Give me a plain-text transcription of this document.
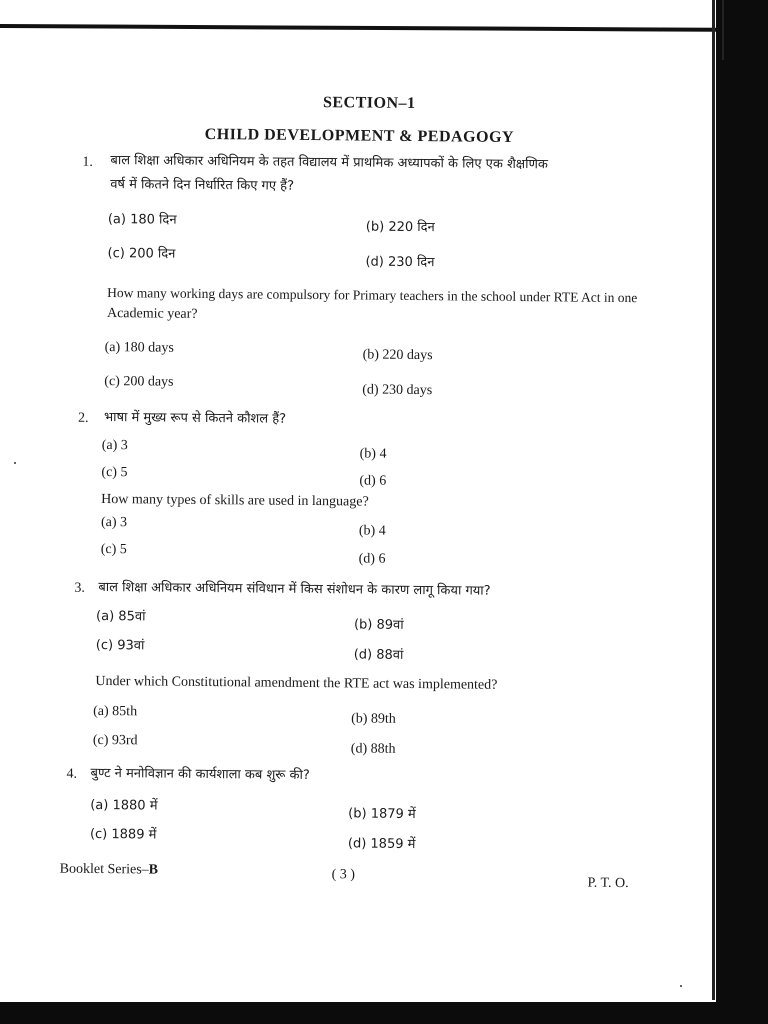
SECTION–1
CHILD DEVELOPMENT & PEDAGOGY
1. बाल शिक्षा अधिकार अधिनियम के तहत विद्यालय में प्राथमिक अध्यापकों के लिए एक शैक्षणिक
वर्ष में कितने दिन निर्धारित किए गए हैं?
(a) 180 दिन	(b) 220 दिन
(c) 200 दिन
(d) 230 दिन
How many working days are compulsory for Primary teachers in the school under RTE Act in one
Academic year?
(a) 180 days	(b) 220 days
(c) 200 days
(d) 230 days
2. भाषा में मुख्य रूप से कितने कौशल हैं?
(a) 3
(b) 4
(c) 5
(d) 6
How many types of skills are used in language?
(a) 3
(b) 4
(c) 5
(d) 6
3. बाल शिक्षा अधिकार अधिनियम संविधान में किस संशोधन के कारण लागू किया गया?
(a) 85वां
(b) 89वां
(c) 93वां
(d) 88वां
Under which Constitutional amendment the RTE act was implemented?
(a) 85th	(b) 89th
(c) 93rd
(d) 88th
4. बुण्ट ने मनोविज्ञान की कार्यशाला कब शुरू की?
(a) 1880 में
(b) 1879 में
(c) 1889 में
(d) 1859 में
Booklet Series–B	( 3 )
P. T. O.
